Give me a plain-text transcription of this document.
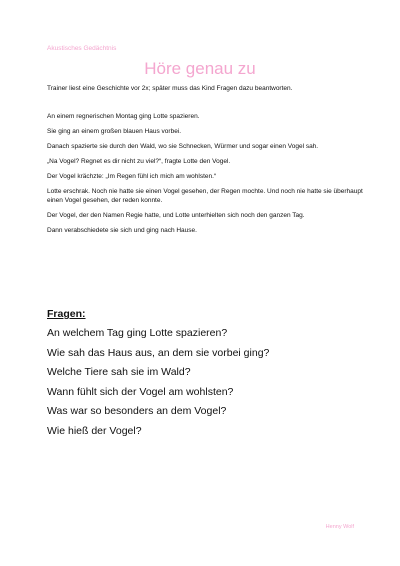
Akustisches Gedächtnis
Höre genau zu
Trainer liest eine Geschichte vor 2x; später muss das Kind Fragen dazu beantworten.

An einem regnerischen Montag ging Lotte spazieren.

Sie ging an einem großen blauen Haus vorbei.

Danach spazierte sie durch den Wald, wo sie Schnecken, Würmer und sogar einen Vogel sah.

„Na Vogel? Regnet es dir nicht zu viel?“, fragte Lotte den Vogel.

Der Vogel krächzte: „Im Regen fühl ich mich am wohlsten.“

Lotte erschrak. Noch nie hatte sie einen Vogel gesehen, der Regen mochte. Und noch nie hatte sie überhaupt einen Vogel gesehen, der reden konnte.

Der Vogel, der den Namen Regie hatte, und Lotte unterhielten sich noch den ganzen Tag.

Dann verabschiedete sie sich und ging nach Hause.

Fragen:
An welchem Tag ging Lotte spazieren?
Wie sah das Haus aus, an dem sie vorbei ging?
Welche Tiere sah sie im Wald?
Wann fühlt sich der Vogel am wohlsten?
Was war so besonders an dem Vogel?
Wie hieß der Vogel?
Henny Wolf
